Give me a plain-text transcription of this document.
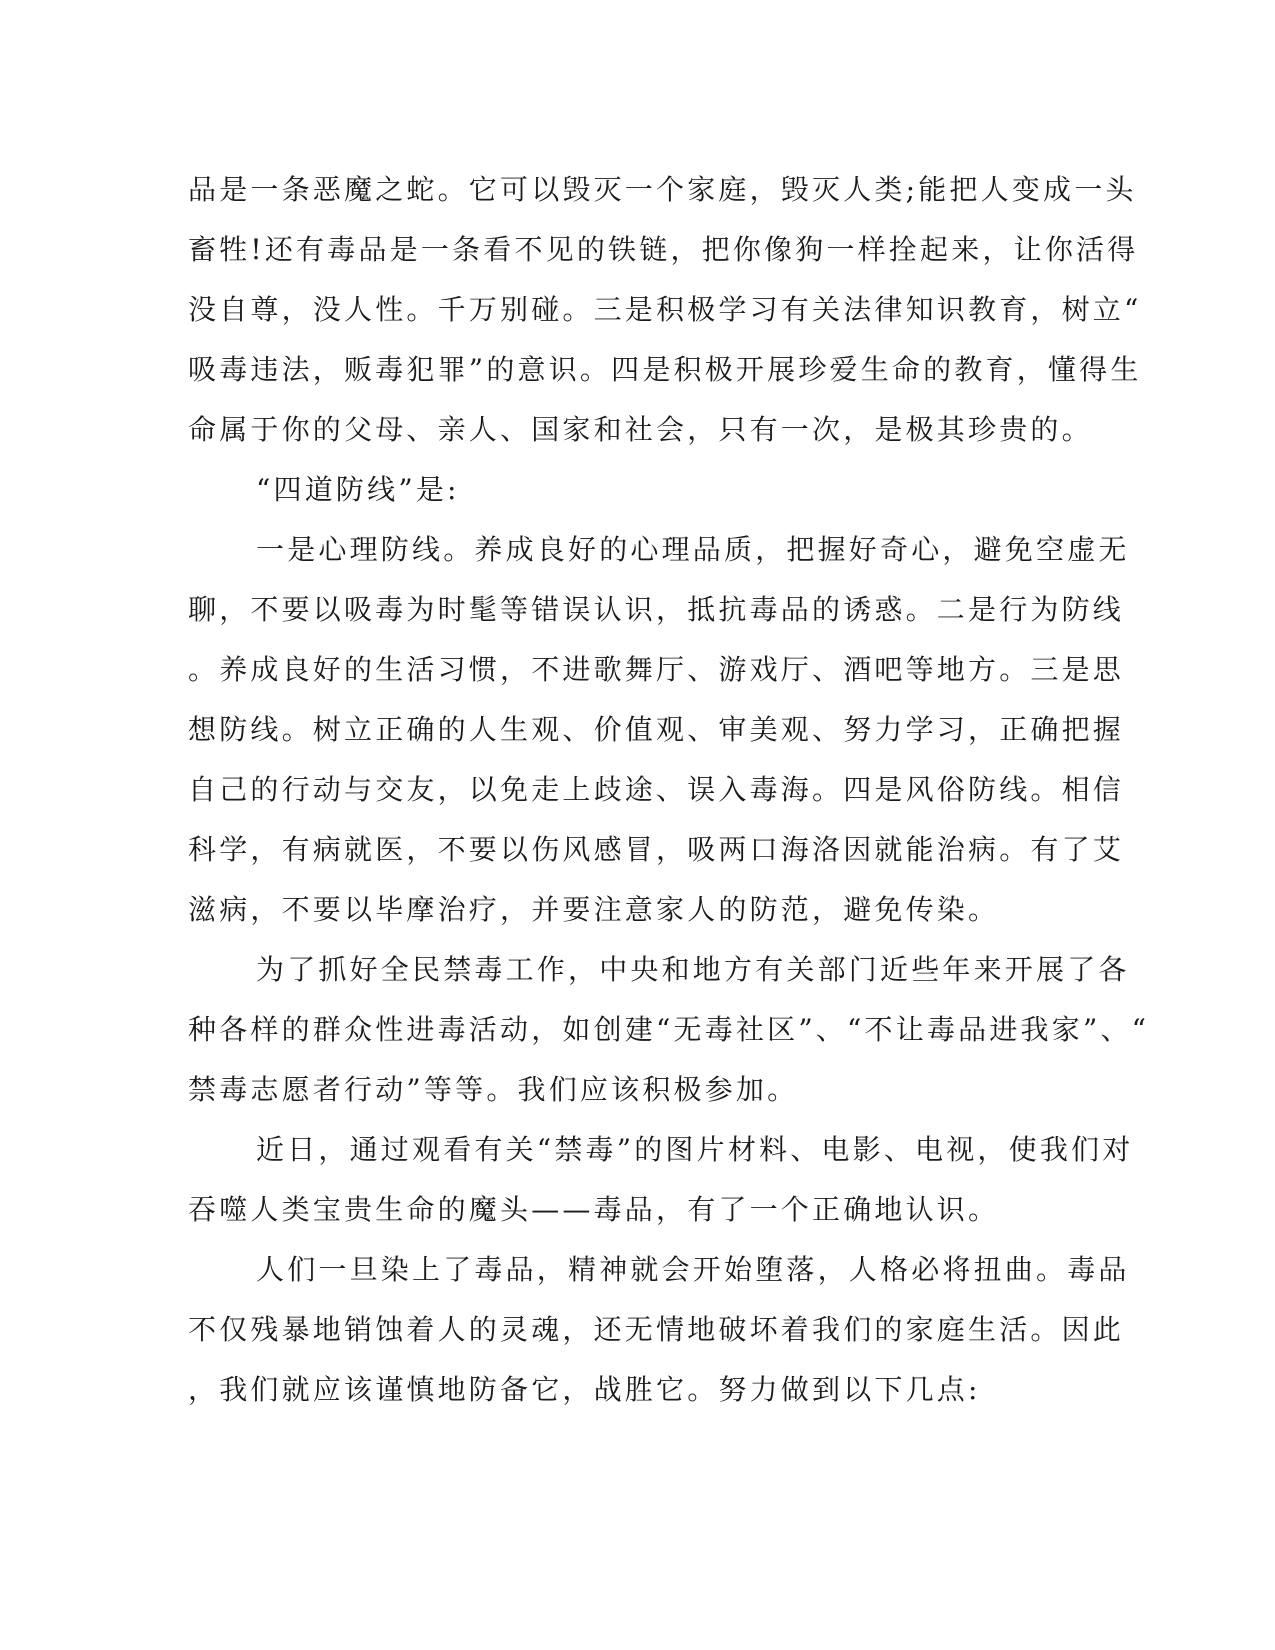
品是一条恶魔之蛇。它可以毁灭一个家庭，毁灭人类;能把人变成一头

畜牲!还有毒品是一条看不见的铁链，把你像狗一样拴起来，让你活得

没自尊，没人性。千万别碰。三是积极学习有关法律知识教育，树立“

吸毒违法，贩毒犯罪”的意识。四是积极开展珍爱生命的教育，懂得生

命属于你的父母、亲人、国家和社会，只有一次，是极其珍贵的。

“四道防线”是:

一是心理防线。养成良好的心理品质，把握好奇心，避免空虚无

聊，不要以吸毒为时髦等错误认识，抵抗毒品的诱惑。二是行为防线

。养成良好的生活习惯，不进歌舞厅、游戏厅、酒吧等地方。三是思

想防线。树立正确的人生观、价值观、审美观、努力学习，正确把握

自己的行动与交友，以免走上歧途、误入毒海。四是风俗防线。相信

科学，有病就医，不要以伤风感冒，吸两口海洛因就能治病。有了艾

滋病，不要以毕摩治疗，并要注意家人的防范，避免传染。

为了抓好全民禁毒工作，中央和地方有关部门近些年来开展了各

种各样的群众性进毒活动，如创建“无毒社区”、“不让毒品进我家”、“

禁毒志愿者行动”等等。我们应该积极参加。

近日，通过观看有关“禁毒”的图片材料、电影、电视，使我们对

吞噬人类宝贵生命的魔头——毒品，有了一个正确地认识。

人们一旦染上了毒品，精神就会开始堕落，人格必将扭曲。毒品

不仅残暴地销蚀着人的灵魂，还无情地破坏着我们的家庭生活。因此

，我们就应该谨慎地防备它，战胜它。努力做到以下几点:
